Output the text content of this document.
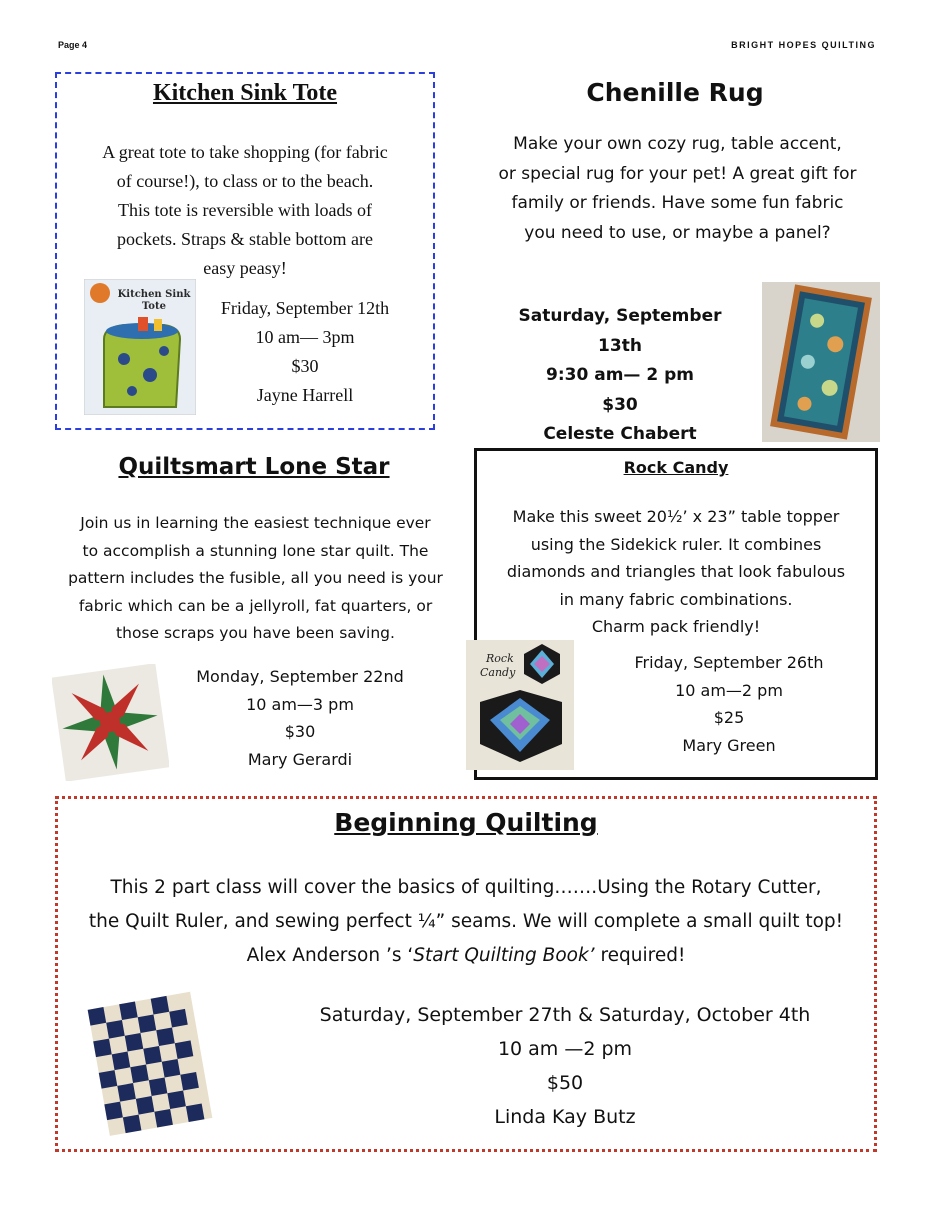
Page 4	BRIGHT HOPES QUILTING
Kitchen Sink Tote
A great tote to take shopping (for fabric
of course!), to class or to the beach.
This tote is reversible with loads of
pockets. Straps & stable bottom are
easy peasy!
Kitchen Sink
Tote	Friday, September 12th
10 am— 3pm
$30
Jayne Harrell
Chenille Rug
Make your own cozy rug, table accent,
or special rug for your pet! A great gift for
family or friends. Have some fun fabric
you need to use, or maybe a panel?
Saturday, September 13th
9:30 am— 2 pm
$30
Celeste Chabert
Quiltsmart Lone Star
Join us in learning the easiest technique ever
to accomplish a stunning lone star quilt. The
pattern includes the fusible, all you need is your
fabric which can be a jellyroll, fat quarters, or
those scraps you have been saving.
Monday, September 22nd
10 am—3 pm
$30
Mary Gerardi
Rock Candy
Make this sweet 20½’ x 23” table topper
using the Sidekick ruler. It combines
diamonds and triangles that look fabulous
in many fabric combinations.
Charm pack friendly!
Rock
Candy
Friday, September 26th
10 am—2 pm
$25
Mary Green
Beginning Quilting
This 2 part class will cover the basics of quilting…….Using the Rotary Cutter,
the Quilt Ruler, and sewing perfect ¼” seams. We will complete a small quilt top!
Alex Anderson ’s ‘Start Quilting Book’ required!
Saturday, September 27th & Saturday, October 4th
10 am —2 pm
$50
Linda Kay Butz
